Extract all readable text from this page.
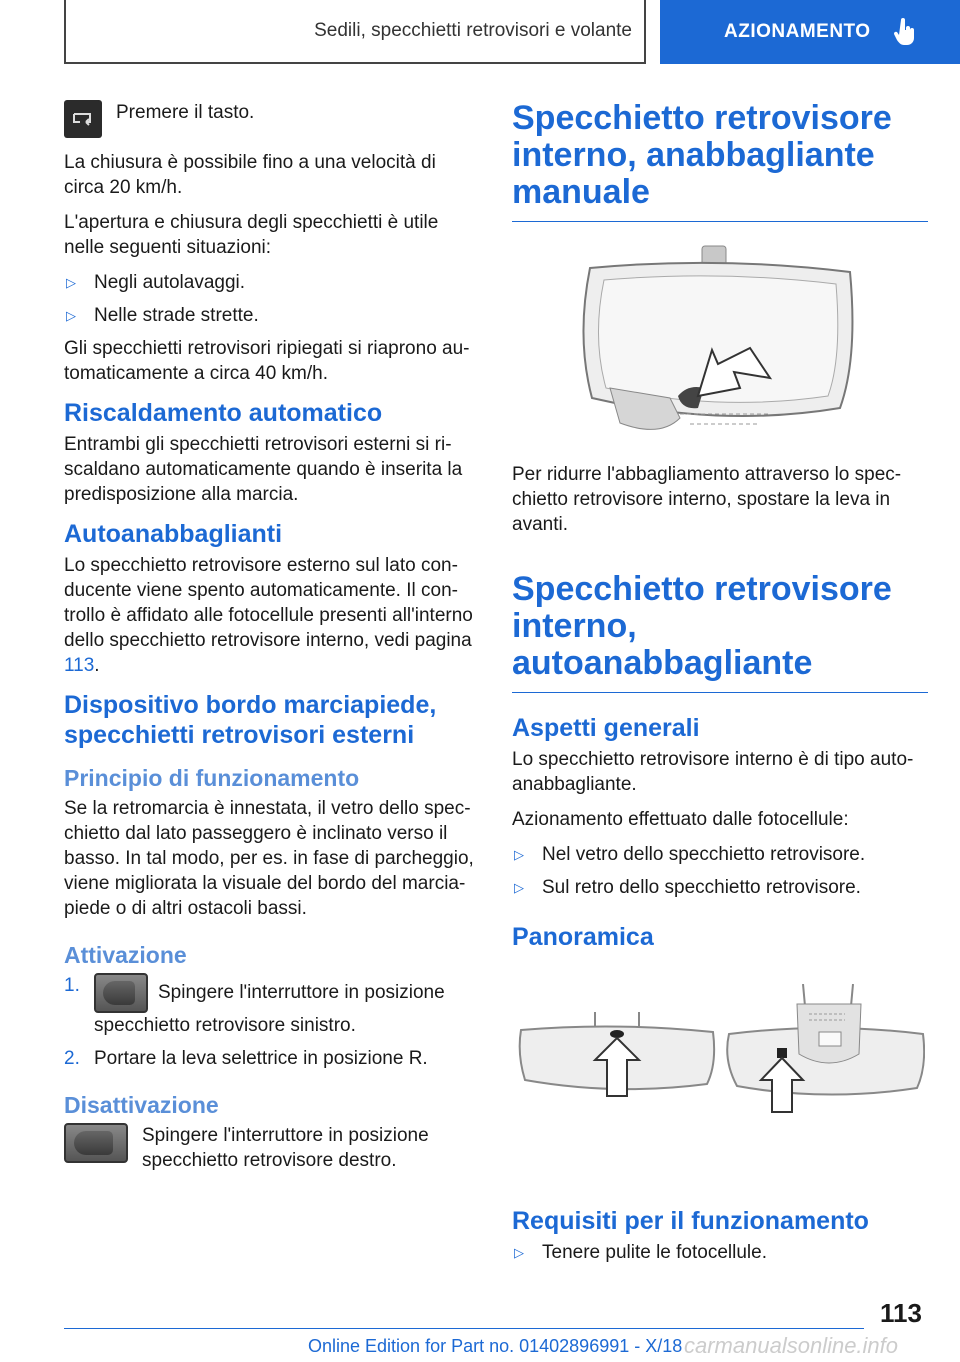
Sedili, specchietti retrovisori e volante	AZIONAMENTO

Premere il tasto.

La chiusura è possibile fino a una velocità di circa 20 km/h.

L'apertura e chiusura degli specchietti è utile nelle seguenti situazioni:

▷ Negli autolavaggi.
▷ Nelle strade strette.

Gli specchietti retrovisori ripiegati si riaprono automaticamente a circa 40 km/h.

Riscaldamento automatico

Entrambi gli specchietti retrovisori esterni si riscaldano automaticamente quando è inserita la predisposizione alla marcia.

Autoanabbaglianti

Lo specchietto retrovisore esterno sul lato conducente viene spento automaticamente. Il controllo è affidato alle fotocellule presenti all'interno dello specchietto retrovisore interno, vedi pagina 113.

Dispositivo bordo marciapiede, specchietti retrovisori esterni
Principio di funzionamento

Se la retromarcia è innestata, il vetro dello specchietto dal lato passeggero è inclinato verso il basso. In tal modo, per es. in fase di parcheggio, viene migliorata la visuale del bordo del marciapiede o di altri ostacoli bassi.

Attivazione
1.	Spingere l'interruttore in posizione specchietto retrovisore sinistro.
2. Portare la leva selettrice in posizione R.
Disattivazione

Spingere l'interruttore in posizione specchietto retrovisore destro.

Specchietto retrovisore interno, anabbagliante manuale

Per ridurre l'abbagliamento attraverso lo specchietto retrovisore interno, spostare la leva in avanti.

Specchietto retrovisore interno, autoanabbagliante
Aspetti generali

Lo specchietto retrovisore interno è di tipo autoanabbagliante.

Azionamento effettuato dalle fotocellule:

▷ Nel vetro dello specchietto retrovisore.
▷ Sul retro dello specchietto retrovisore.
Panoramica
Requisiti per il funzionamento
▷ Tenere pulite le fotocellule.
113
Online Edition for Part no. 01402896991 - X/18 carmanualsonline.info
